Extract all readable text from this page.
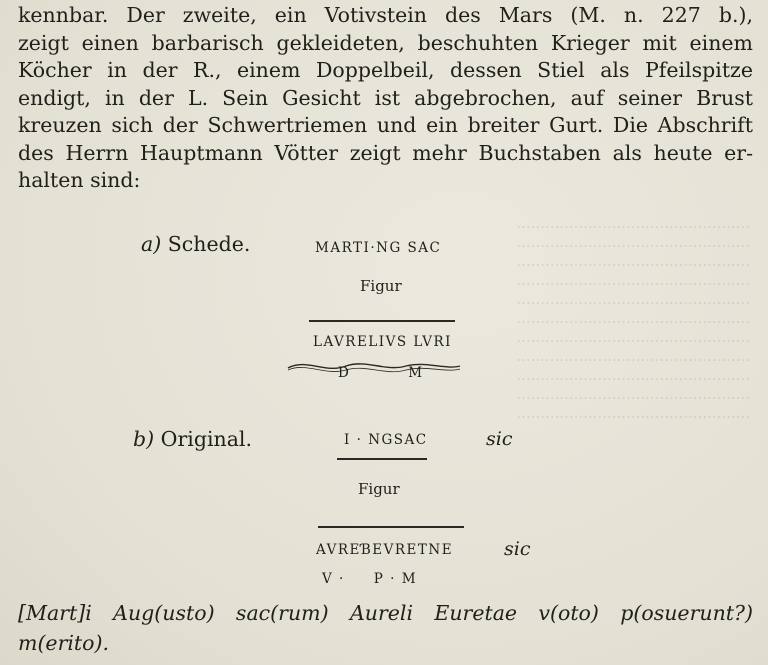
kennbar. Der zweite, ein Votivstein des Mars (M. n. 227 b.),
zeigt einen barbarisch gekleideten, beschuhten Krieger mit einem
Köcher in der R., einem Doppelbeil, dessen Stiel als Pfeilspitze
endigt, in der L. Sein Gesicht ist abgebrochen, auf seiner Brust
kreuzen sich der Schwertriemen und ein breiter Gurt. Die Abschrift
des Herrn Hauptmann Vötter zeigt mehr Buchstaben als heute er-
halten sind:
a) Schede.	MARTI·NG SAC
Figur
LAVRELIVS LVRI
D          M
b) Original.	I · NGSAC	sic
Figur
AVREƁEVRETNE	sic
V ·     P · M
[Mart]i Aug(usto) sac(rum) Aureli Euretae v(oto) p(osuerunt?)
m(erito).
